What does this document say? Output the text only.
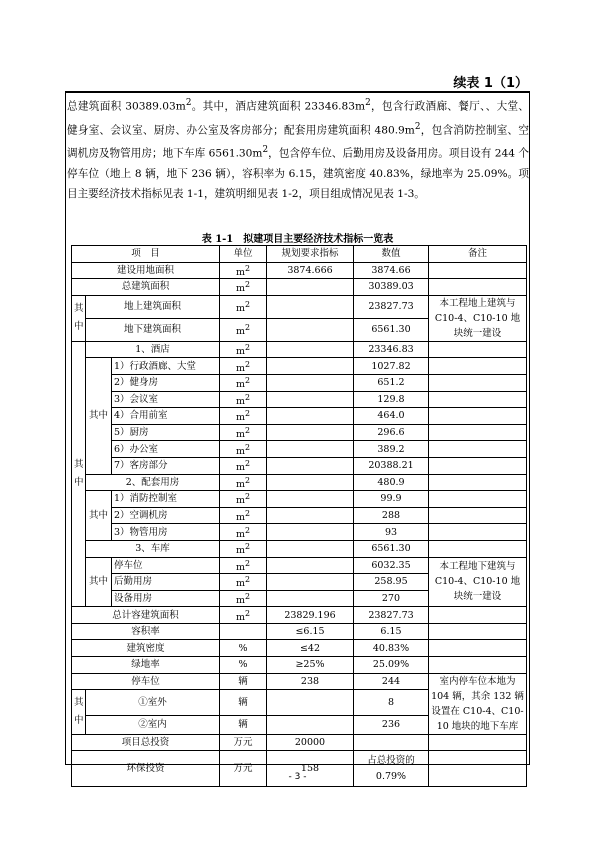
续表 1（1）
总建筑面积 $30389.03m^2$。其中，酒店建筑面积 $23346.83m^2$，包含行政酒廊、餐厅、、大堂、健身室、会议室、厨房、办公室及客房部分；配套用房建筑面积 $480.9m^2$，包含消防控制室、空调机房及物管用房；地下车库 $6561.30m^2$，包含停车位、后勤用房及设备用房。项目设有 244 个停车位（地上 8 辆，地下 236 辆），容积率为 6.15，建筑密度 40.83%，绿地率为 25.09%。项目主要经济技术指标见表 1-1，建筑明细见表 1-2，项目组成情况见表 1-3。
表 1-1　拟建项目主要经济技术指标一览表
项　目			单位	规划要求指标	数值	备注
建设用地面积			$m^2$	3874.666	3874.66	
总建筑面积			$m^2$		30389.03	
其
中	地上建筑面积		$m^2$		23827.73	本工程地上建筑与 C10-4、C10-10 地块统一建设
	地下建筑面积		$m^2$		6561.30	
其
中	1、酒店		$m^2$		23346.83	
	其中	1）行政酒廊、大堂	$m^2$		1027.82	
		2）健身房	$m^2$		651.2	
		3）会议室	$m^2$		129.8	
		4）合用前室	$m^2$		464.0	
		5）厨房	$m^2$		296.6	
		6）办公室	$m^2$		389.2	
		7）客房部分	$m^2$		20388.21	
	2、配套用房		$m^2$		480.9	
	其中	1）消防控制室	$m^2$		99.9	
		2）空调机房	$m^2$		288	
		3）物管用房	$m^2$		93	
	3、车库		$m^2$		6561.30	
	其中	停车位	$m^2$		6032.35	本工程地下建筑与 C10-4、C10-10 地块统一建设
		后勤用房	$m^2$		258.95	
		设备用房	$m^2$		270	
总计容建筑面积			$m^2$	23829.196	23827.73	
容积率				≤6.15	6.15	
建筑密度			%	≤42	40.83%	
绿地率			%	≥25%	25.09%	
停车位			辆	238	244	室内停车位本地为 104 辆，其余 132 辆设置在 C10-4、C10-10 地块的地下车库
其
中	①室外		辆		8	
	②室内		辆		236	
项目总投资			万元	20000		
环保投资			万元	158	占总投资的
0.79%	
- 3 -
